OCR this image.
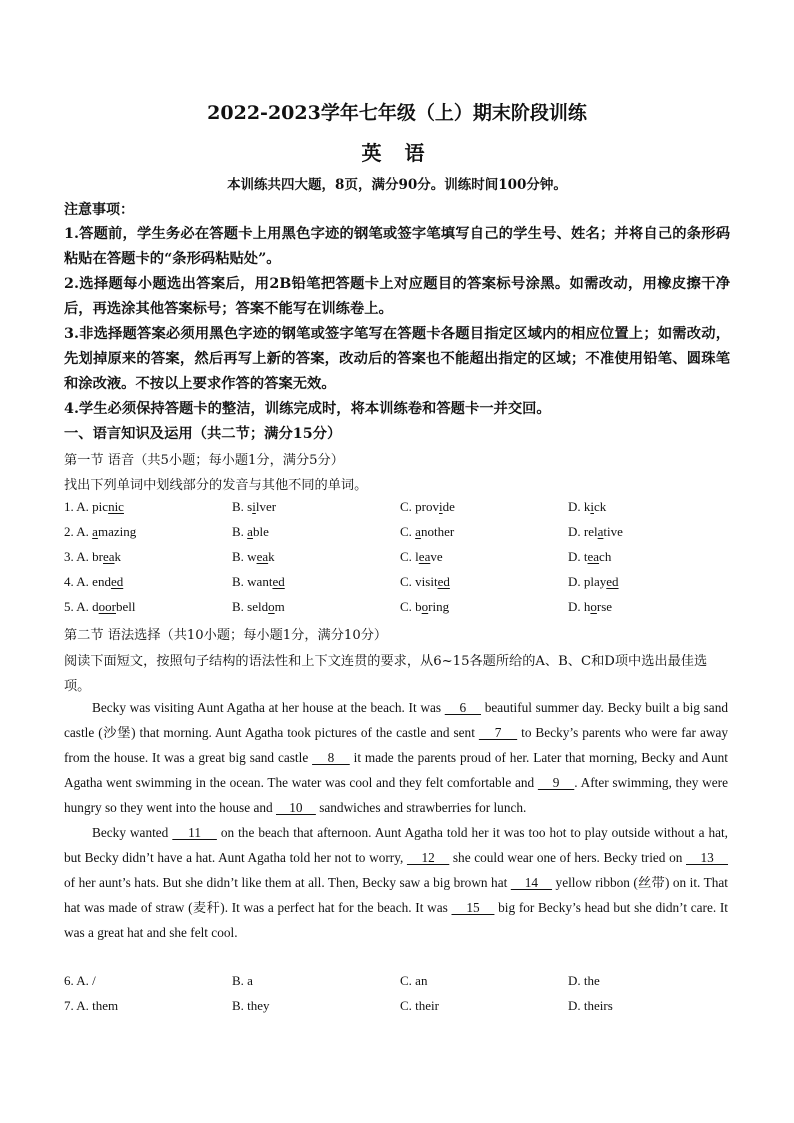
2022-2023学年七年级（上）期末阶段训练
英 语
本训练共四大题，8页，满分90分。训练时间100分钟。
注意事项：

1.答题前，学生务必在答题卡上用黑色字迹的钢笔或签字笔填写自己的学生号、姓名；并将自己的条形码粘贴在答题卡的“条形码粘贴处”。

2.选择题每小题选出答案后，用2B铅笔把答题卡上对应题目的答案标号涂黑。如需改动，用橡皮擦干净后，再选涂其他答案标号；答案不能写在训练卷上。

3.非选择题答案必须用黑色字迹的钢笔或签字笔写在答题卡各题目指定区域内的相应位置上；如需改动，先划掉原来的答案，然后再写上新的答案，改动后的答案也不能超出指定的区域；不准使用铅笔、圆珠笔和涂改液。不按以上要求作答的答案无效。

4.学生必须保持答题卡的整洁，训练完成时，将本训练卷和答题卡一并交回。

一、语言知识及运用（共二节；满分15分）
第一节 语音（共5小题；每小题1分，满分5分）
找出下列单词中划线部分的发音与其他不同的单词。
1. A. picnic	B. silver	C. provide	D. kick
2. A. amazing	B. able	C. another	D. relative
3. A. break	B. weak	C. leave	D. teach
4. A. ended	B. wanted	C. visited	D. played
5. A. doorbell	B. seldom	C. boring	D. horse
第二节 语法选择（共10小题；每小题1分，满分10分）
阅读下面短文，按照句子结构的语法性和上下文连贯的要求，从6~15各题所给的A、B、C和D项中选出最佳选项。

Becky was visiting Aunt Agatha at her house at the beach. It was     6     beautiful summer day. Becky built a big sand castle (沙堡) that morning. Aunt Agatha took pictures of the castle and sent     7     to Becky’s parents who were far away from the house. It was a great big sand castle     8     it made the parents proud of her. Later that morning, Becky and Aunt Agatha went swimming in the ocean. The water was cool and they felt comfortable and     9    . After swimming, they were hungry so they went into the house and     10     sandwiches and strawberries for lunch.

Becky wanted     11     on the beach that afternoon. Aunt Agatha told her it was too hot to play outside without a hat, but Becky didn’t have a hat. Aunt Agatha told her not to worry,     12     she could wear one of hers. Becky tried on     13     of her aunt’s hats. But she didn’t like them at all. Then, Becky saw a big brown hat     14     yellow ribbon (丝带) on it. That hat was made of straw (麦秆). It was a perfect hat for the beach. It was     15     big for Becky’s head but she didn’t care. It was a great hat and she felt cool.

6. A. /	B. a	C. an	D. the
7. A. them	B. they	C. their	D. theirs
